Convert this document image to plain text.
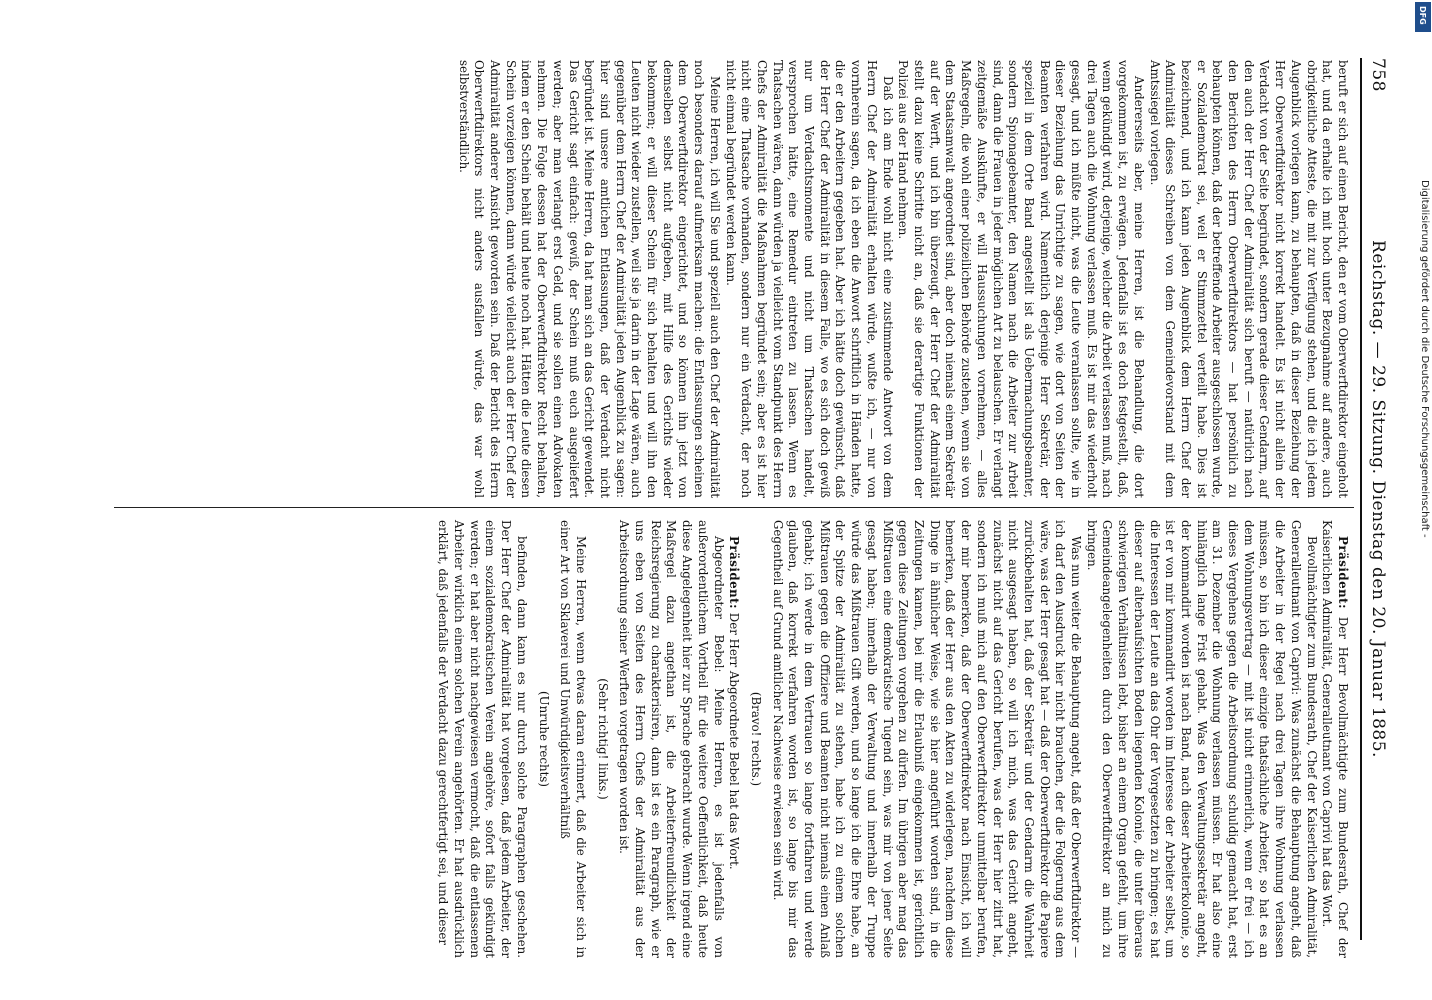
758
Reichstag. — 29. Sitzung. Dienstag den 20. Januar 1885.

beruft er sich auf einen Bericht, den er vom Oberwerftdirektor eingeholt hat, und da erhalte ich mit hoch unter Bezugnahme auf andere, auch obrigkeitliche Atteste, die mit zur Verfügung stehen, und die ich jedem Augenblick vorlegen kann, zu behaupten, daß in dieser Beziehung der Herr Oberwerftdirektor nicht korrekt handelt. Es ist nicht allein der Verdacht von der Seite begründet, sondern gerade dieser Gendarm, auf den auch der Herr Chef der Admiralität sich beruft — natürlich nach den Berichten des Herrn Oberwerftdirektors — hat persönlich zu behaupten können, daß der betreffende Arbeiter ausgeschlossen wurde, er Sozialdemokrat sei, weil er Stimmzettel verteilt habe. Dies ist bezeichnend, und ich kann jeden Augenblick dem Herrn Chef der Admiralität dieses Schreiben von dem Gemeindevorstand mit dem Amtssiegel vorlegen.

Andererseits aber, meine Herren, ist die Behandlung, die dort vorgekommen ist, zu erwägen. Jedenfalls ist es doch festgestellt, daß, wenn gekündigt wird, derjenige, welcher die Arbeit verlassen muß, nach drei Tagen auch die Wohnung verlassen muß. Es ist mir das wiederholt gesagt, und ich müßte nicht, was die Leute veranlassen sollte, wie in dieser Beziehung das Unrichtige zu sagen, wie dort von Seiten der Beamten verfahren wird. Namentlich derjenige Herr Sekretär, der speziell in dem Orte Band angestellt ist als Uebermachungsbeamter, sondern Spionagebeamter, den Namen nach die Arbeiter zur Arbeit sind, dann die Frauen in jeder möglichen Art zu belauschen. Er verlangt zeitgemäße Auskünfte, er will Haussuchungen vornehmen, — alles Maßregeln, die wohl einer polizeilichen Behörde zustehen, wenn sie von dem Staatsamwalt angeordnet sind, aber doch niemals einem Sekretär auf der Werft, und ich bin überzeugt, der Herr Chef der Admiralität stellt dazu keine Schritte nicht an, daß sie derartige Funktionen der Polizei aus der Hand nehmen.

Daß ich am Ende wohl nicht eine zustimmende Antwort von dem Herrn Chef der Admiralität erhalten würde, wußte ich, — nur von vornherein sagen, da ich eben die Anwort schriftlich in Händen hatte, die er den Arbeitern gegeben hat. Aber ich hätte doch gewünscht, daß der Herr Chef der Admiralität in diesem Falle, wo es sich doch gewiß nur um Verdachtsmomente und nicht um Thatsachen handelt, versprochen hätte, eine Remedur eintreten zu lassen. Wenn es Thatsachen wären, dann würden ja vielleicht vom Standpunkt des Herrn Chefs der Admiralität die Maßnahmen begründet sein; aber es ist hier nicht eine Thatsache vorhanden, sondern nur ein Verdacht, der noch nicht einmal begründet werden kann.

Meine Herren, ich will Sie und speziell auch den Chef der Admiralität noch besonders darauf aufmerksam machen: die Entlassungen scheinen dem Oberwerftdirektor eingerichtet, und so können ihn jetzt von demselben selbst nicht aufgeben, mit Hilfe des Gerichts wieder bekommen; er will dieser Schein für sich behalten und will ihn den Leuten nicht wieder zustellen, weil sie ja darin in der Lage wären, auch gegenüber dem Herrn Chef der Admiralität jeden Augenblick zu sagen: hier sind unsere amtlichen Entlassungen, daß der Verdacht nicht begründet ist. Meine Herren, da hat man sich an das Gericht gewendet. Das Gericht sagt einfach: gewiß, der Schein muß euch ausgeliefert werden; aber man verlangt erst Geld, und sie sollen einen Advokaten nehmen. Die Folge dessen hat der Oberwerftdirektor Recht behalten, indem er den Schein behält und heute noch hat. Hätten die Leute diesen Schein vorzeigen können, dann würde vielleicht auch der Herr Chef der Admiralität anderer Ansicht geworden sein. Daß der Bericht des Herrn Oberwerftdirektors nicht anders ausfallen würde, das war wohl selbstverständlich.

Präsident: Der Herr Bevollmächtigte zum Bundesrath, Chef der Kaiserlichen Admiralität, Generalleutnant von Caprivi hat das Wort.

Bevollmächtigter zum Bundesrath, Chef der Kaiserlichen Admiralität, Generalleutnant von Caprivi: Was zunächst die Behauptung angeht, daß die Arbeiter in der Regel nach drei Tagen ihre Wohnung verlassen müssen, so bin ich dieser einzige thatsächliche Arbeiter, so hat es an dem Wohnungsvertrag — mit ist nicht erinnerlich, wenn er frei — ich dieses Vergehens gegen die Arbeitsordnung schuldig gemacht hat, erst am 31. Dezember die Wohnung verlassen müssen. Er hat also eine hinlänglich lange Frist gehabt. Was den Verwaltungssekretär angeht, der kommandirt worden ist nach Band, nach dieser Arbeiterkolonie, so ist er von mir kommandirt worden im Interesse der Arbeiter selbst, um die Interessen der Leute an das Ohr der Vorgesetzten zu bringen; es hat dieser auf alterbaufsichten Boden liegenden Kolonie, die unter überaus schwierigen Verhältnissen lebt, bisher an einem Organ gefehlt, um ihre Gemeindeangelegenheiten durch den Oberwerftdirektor an mich zu bringen.

Was nun weiter die Behauptung angeht, daß der Oberwerftdirektor — ich darf den Ausdruck hier nicht brauchen, der die Folgerung aus dem wäre, was der Herr gesagt hat — daß der Oberwerftdirektor die Papiere zurückbehalten hat, daß der Sekretär und der Gendarm die Wahrheit nicht ausgesagt haben, so will ich mich, was das Gericht angeht, zunächst nicht auf das Gericht berufen, was der Herr hier zitirt hat, sondern ich muß mich auf den Oberwerftdirektor unmittelbar berufen, der mir bemerken, daß der Oberwerftdirektor nach Einsicht, ich will bemerken, daß der Herr aus den Akten zu widerlegen, nachdem diese Dinge in ähnlicher Weise, wie sie hier angeführt worden sind, in die Zeitungen kamen, bei mir die Erlaubniß eingekommen ist, gerichtlich gegen diese Zeitungen vorgehen zu dürfen. Im übrigen aber mag das Mißtrauen eine demokratische Tugend sein, was mir von jener Seite gesagt haben; innerhalb der Verwaltung und innerhalb der Truppe würde das Mißtrauen Gift werden, und so lange ich die Ehre habe, an der Spitze der Admiralität zu stehen, habe ich zu einem solchen Mißtrauen gegen die Offiziere und Beamten nicht niemals einen Anlaß gehabt; ich werde in dem Vertrauen so lange fortfahren und werde glauben, daß korrekt verfahren worden ist, so lange bis mir das Gegentheil auf Grund amtlicher Nachweise erwiesen sein wird.

(Bravo! rechts.)

Präsident: Der Herr Abgeordnete Bebel hat das Wort.

Abgeordneter Bebel: Meine Herren, es ist jedenfalls von außerordentlichem Vortheil für die weitere Oeffentlichkeit, daß heute diese Angelegenheit hier zur Sprache gebracht wurde. Wenn irgend eine Maßregel dazu angethan ist, die Arbeiterfreundlichkeit der Reichsregierung zu charakterisiren, dann ist es ein Paragraph, wie er uns eben von Seiten des Herrn Chefs der Admiralität aus der Arbeitsordnung seiner Werften vorgetragen worden ist.

(Sehr richtig! links.)

Meine Herren, wenn etwas daran erinnert, daß die Arbeiter sich in einer Art von Sklaverei und Unwürdigkeitsverhältniß

(Unruhe rechts)

befinden, dann kann es nur durch solche Paragraphen geschehen. Der Herr Chef der Admiralität hat vorgelesen, daß jedem Arbeiter, der einem sozialdemokratischen Verein angehöre, sofort falls gekündigt werden; er hat aber nicht nachgewiesen vermocht, daß die entlassenen Arbeiter wirklich einem solchen Verein angehörten. Er hat ausdrücklich erklärt, daß jedenfalls der Verdacht dazu gerechtfertigt sei, und dieser

Digitalisierung gefördert durch die Deutsche Forschungsgemeinschaft -
DFG
